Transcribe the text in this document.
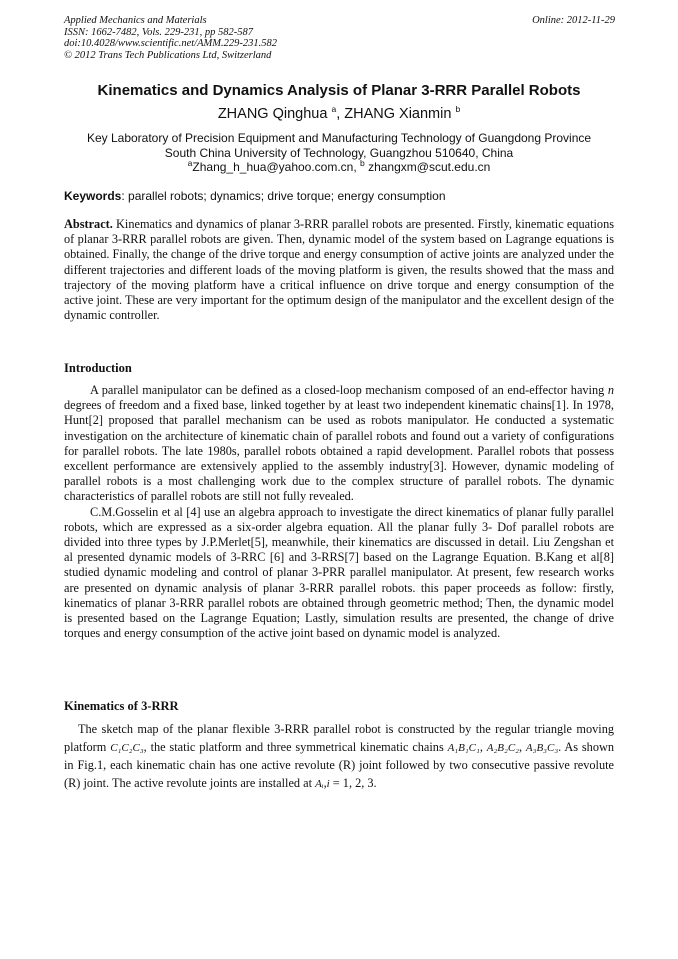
Applied Mechanics and Materials
ISSN: 1662-7482, Vols. 229-231, pp 582-587
doi:10.4028/www.scientific.net/AMM.229-231.582
© 2012 Trans Tech Publications Ltd, Switzerland
Online: 2012-11-29
Kinematics and Dynamics Analysis of Planar 3-RRR Parallel Robots
ZHANG Qinghua $^a$, ZHANG Xianmin $^b$
Key Laboratory of Precision Equipment and Manufacturing Technology of Guangdong Province
South China University of Technology, Guangzhou 510640, China
$^a$Zhang_h_hua@yahoo.com.cn, $^b$ zhangxm@scut.edu.cn
Keywords: parallel robots; dynamics; drive torque; energy consumption

Abstract. Kinematics and dynamics of planar 3-RRR parallel robots are presented. Firstly, kinematic equations of planar 3-RRR parallel robots are given. Then, dynamic model of the system based on Lagrange equations is obtained. Finally, the change of the drive torque and energy consumption of active joints are analyzed under the different trajectories and different loads of the moving platform is given, the results showed that the mass and trajectory of the moving platform have a critical influence on drive torque and energy consumption of the active joint. These are very important for the optimum design of the manipulator and the excellent design of the dynamic controller.

Introduction

A parallel manipulator can be defined as a closed-loop mechanism composed of an end-effector having n degrees of freedom and a fixed base, linked together by at least two independent kinematic chains[1]. In 1978, Hunt[2] proposed that parallel mechanism can be used as robots manipulator. He conducted a systematic investigation on the architecture of kinematic chain of parallel robots and found out a variety of configurations for parallel robots. The late 1980s, parallel robots obtained a rapid development. Parallel robots that possess excellent performance are extensively applied to the assembly industry[3]. However, dynamic modeling of parallel robots is a most challenging work due to the complex structure of parallel robots. The dynamic characteristics of parallel robots are still not fully revealed.

C.M.Gosselin et al [4] use an algebra approach to investigate the direct kinematics of planar fully parallel robots, which are expressed as a six-order algebra equation. All the planar fully 3- Dof parallel robots are divided into three types by J.P.Merlet[5], meanwhile, their kinematics are discussed in detail. Liu Zengshan et al presented dynamic models of 3-RRC [6] and 3-RRS[7] based on the Lagrange Equation. B.Kang et al[8] studied dynamic modeling and control of planar 3-PRR parallel manipulator. At present, few research works are presented on dynamic analysis of planar 3-RRR parallel robots. this paper proceeds as follow: firstly, kinematics of planar 3-RRR parallel robots are obtained through geometric method; Then, the dynamic model is presented based on the Lagrange Equation; Lastly, simulation results are presented, the change of drive torques and energy consumption of the active joint based on dynamic model is analyzed.

Kinematics of 3-RRR

The sketch map of the planar flexible 3-RRR parallel robot is constructed by the regular triangle moving platform C₁C₂C₃, the static platform and three symmetrical kinematic chains A₁B₁C₁, A₂B₂C₂, A₃B₃C₃. As shown in Fig.1, each kinematic chain has one active revolute (R) joint followed by two consecutive passive revolute (R) joint. The active revolute joints are installed at Aᵢ,i = 1, 2, 3.
